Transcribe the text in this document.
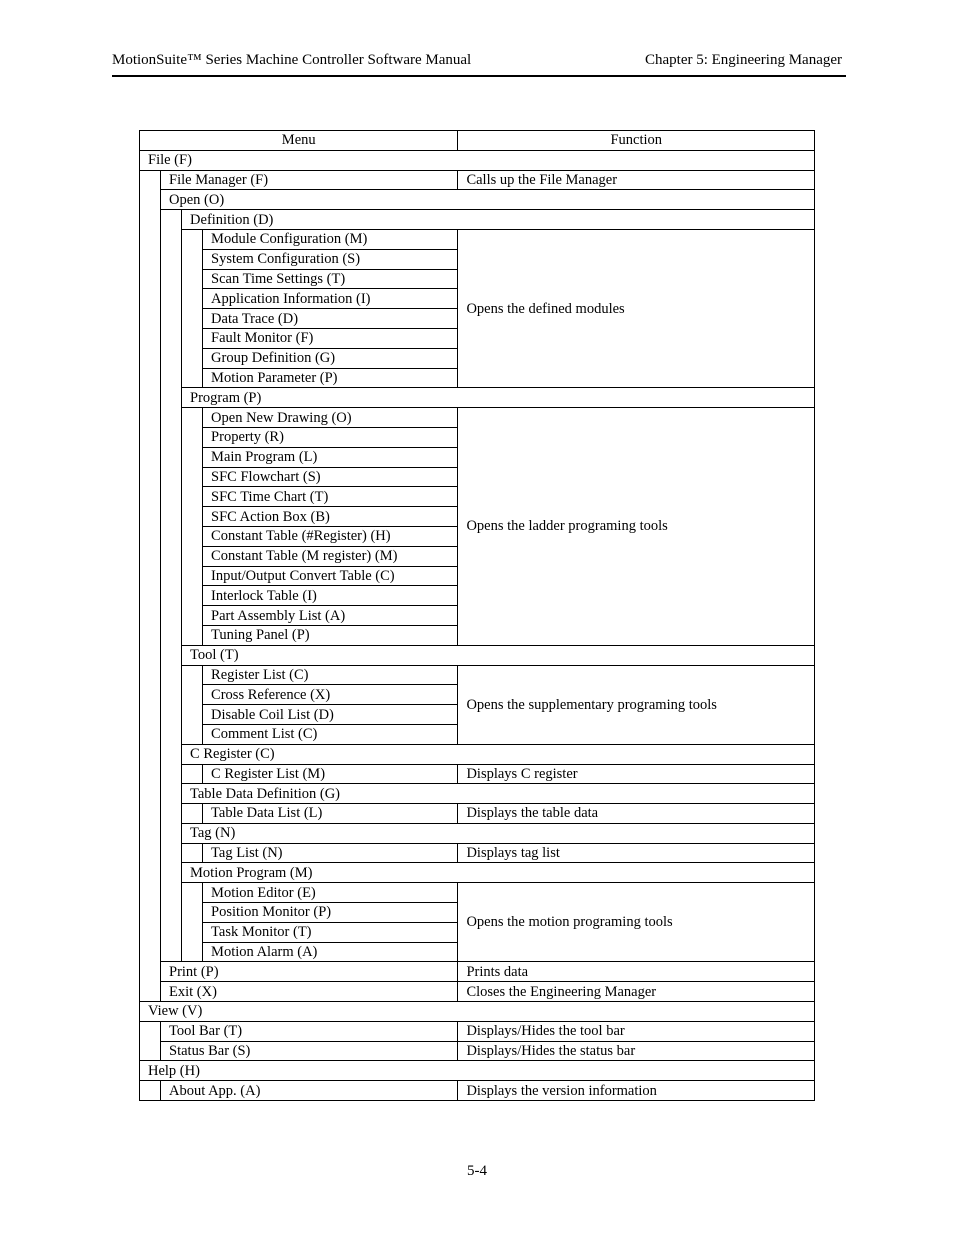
MotionSuite™ Series Machine Controller Software Manual	Chapter 5: Engineering Manager
Menu				Function
File (F)				
	File Manager (F)			Calls up the File Manager
	Open (O)			
		Definition (D)		
			Module Configuration (M)	Opens the defined modules
			System Configuration (S)	
			Scan Time Settings (T)	
			Application Information (I)	
			Data Trace (D)	
			Fault Monitor (F)	
			Group Definition (G)	
			Motion Parameter (P)	
		Program (P)		
			Open New Drawing (O)	Opens the ladder programing tools
			Property (R)	
			Main Program (L)	
			SFC Flowchart (S)	
			SFC Time Chart (T)	
			SFC Action Box (B)	
			Constant Table (#Register) (H)	
			Constant Table (M register) (M)	
			Input/Output Convert Table (C)	
			Interlock Table (I)	
			Part Assembly List (A)	
			Tuning Panel (P)	
		Tool (T)		
			Register List (C)	Opens the supplementary programing tools
			Cross Reference (X)	
			Disable Coil List (D)	
			Comment List (C)	
		C Register (C)		
			C Register List (M)	Displays C register
		Table Data Definition (G)		
			Table Data List (L)	Displays the table data
		Tag (N)		
			Tag List (N)	Displays tag list
		Motion Program (M)		
			Motion Editor (E)	Opens the motion programing tools
			Position Monitor (P)	
			Task Monitor (T)	
			Motion Alarm (A)	
	Print (P)			Prints data
	Exit (X)			Closes the Engineering Manager
View (V)				
	Tool Bar (T)			Displays/Hides the tool bar
	Status Bar (S)			Displays/Hides the status bar
Help (H)				
	About App. (A)			Displays the version information
5-4
